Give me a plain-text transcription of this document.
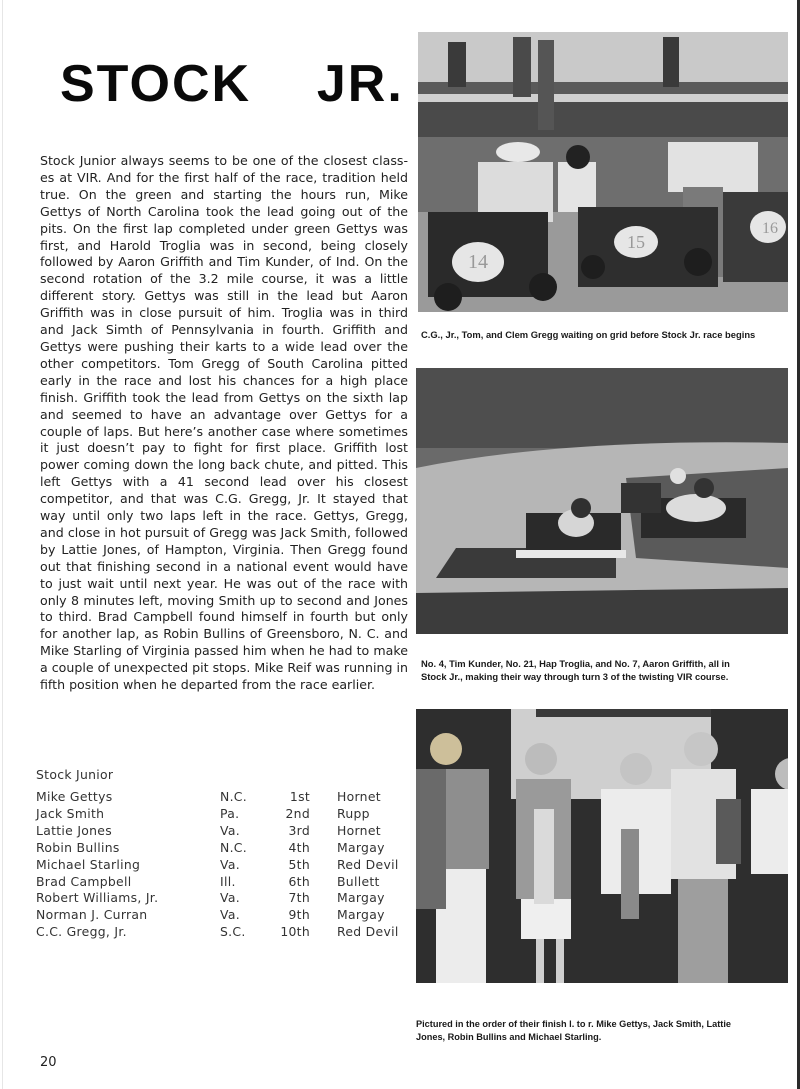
STOCK    JR.

Stock Junior always seems to be one of the closest classes at VIR. And for the first half of the race, tradition held true. On the green and starting the hours run, Mike Gettys of North Carolina took the lead going out of the pits. On the first lap completed under green Gettys was first, and Harold Troglia was in second, being closely followed by Aaron Griffith and Tim Kunder, of Ind. On the second rotation of the 3.2 mile course, it was a little different story. Gettys was still in the lead but Aaron Griffith was in close pursuit of him. Troglia was in third and Jack Simth of Pennsylvania in fourth. Griffith and Gettys were pushing their karts to a wide lead over the other competitors. Tom Gregg of South Carolina pitted early in the race and lost his chances for a high place finish. Griffith took the lead from Gettys on the sixth lap and seemed to have an advantage over Gettys for a couple of laps. But here’s another case where sometimes it just doesn’t pay to fight for first place. Griffith lost power coming down the long back chute, and pitted. This left Gettys with a 41 second lead over his closest competitor, and that was C.G. Gregg, Jr. It stayed that way until only two laps left in the race. Gettys, Gregg, and close in hot pursuit of Gregg was Jack Smith, followed by Lattie Jones, of Hampton, Virginia. Then Gregg found out that finishing second in a national event would have to just wait until next year. He was out of the race with only 8 minutes left, moving Smith up to second and Jones to third. Brad Campbell found himself in fourth but only for another lap, as Robin Bullins of Greensboro, N. C. and Mike Starling of Virginia passed him when he had to make a couple of unexpected pit stops. Mike Reif was running in fifth position when he departed from the race earlier.

Stock Junior
Mike Gettys	N.C.	1st	Hornet
Jack Smith	Pa.	2nd	Rupp
Lattie Jones	Va.	3rd	Hornet
Robin Bullins	N.C.	4th	Margay
Michael Starling	Va.	5th	Red Devil
Brad Campbell	Ill.	6th	Bullett
Robert Williams, Jr.	Va.	7th	Margay
Norman J. Curran	Va.	9th	Margay
C.C. Gregg, Jr.	S.C.	10th	Red Devil
14
15
16
C.G., Jr., Tom, and Clem Gregg waiting on grid before Stock Jr. race begins
No. 4, Tim Kunder, No. 21, Hap Troglia, and No. 7, Aaron Griffith, all in
Stock Jr., making their way through turn 3 of the twisting VIR course.
Pictured in the order of their finish l. to r. Mike Gettys, Jack Smith, Lattie
Jones, Robin Bullins and Michael Starling.
20
